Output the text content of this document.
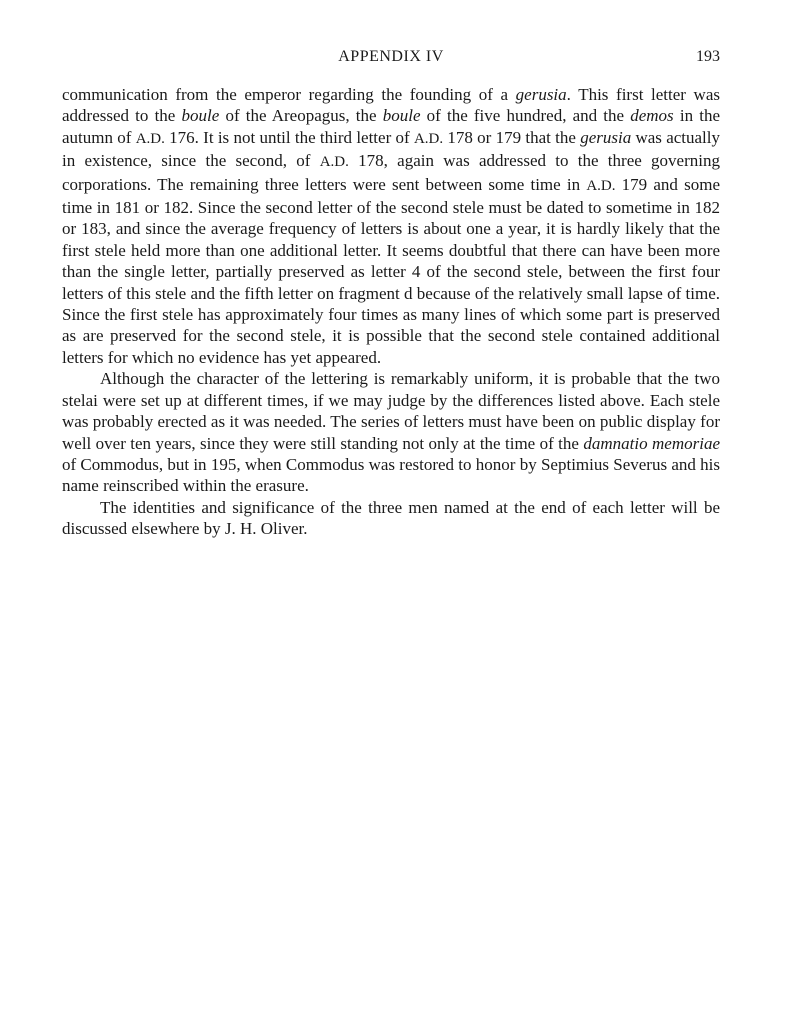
APPENDIX IV	193

communication from the emperor regarding the founding of a gerusia. This first letter was addressed to the boule of the Areopagus, the boule of the five hundred, and the demos in the autumn of A.D. 176. It is not until the third letter of A.D. 178 or 179 that the gerusia was actually in existence, since the second, of A.D. 178, again was addressed to the three governing corporations. The remaining three letters were sent between some time in A.D. 179 and some time in 181 or 182. Since the second letter of the second stele must be dated to sometime in 182 or 183, and since the average frequency of letters is about one a year, it is hardly likely that the first stele held more than one additional letter. It seems doubtful that there can have been more than the single letter, partially preserved as letter 4 of the second stele, between the first four letters of this stele and the fifth letter on fragment d because of the relatively small lapse of time. Since the first stele has approximately four times as many lines of which some part is preserved as are preserved for the second stele, it is possible that the second stele contained additional letters for which no evidence has yet appeared.

Although the character of the lettering is remarkably uniform, it is probable that the two stelai were set up at different times, if we may judge by the differences listed above. Each stele was probably erected as it was needed. The series of letters must have been on public display for well over ten years, since they were still standing not only at the time of the damnatio memoriae of Commodus, but in 195, when Commodus was restored to honor by Septimius Severus and his name reinscribed within the erasure.

The identities and significance of the three men named at the end of each letter will be discussed elsewhere by J. H. Oliver.
